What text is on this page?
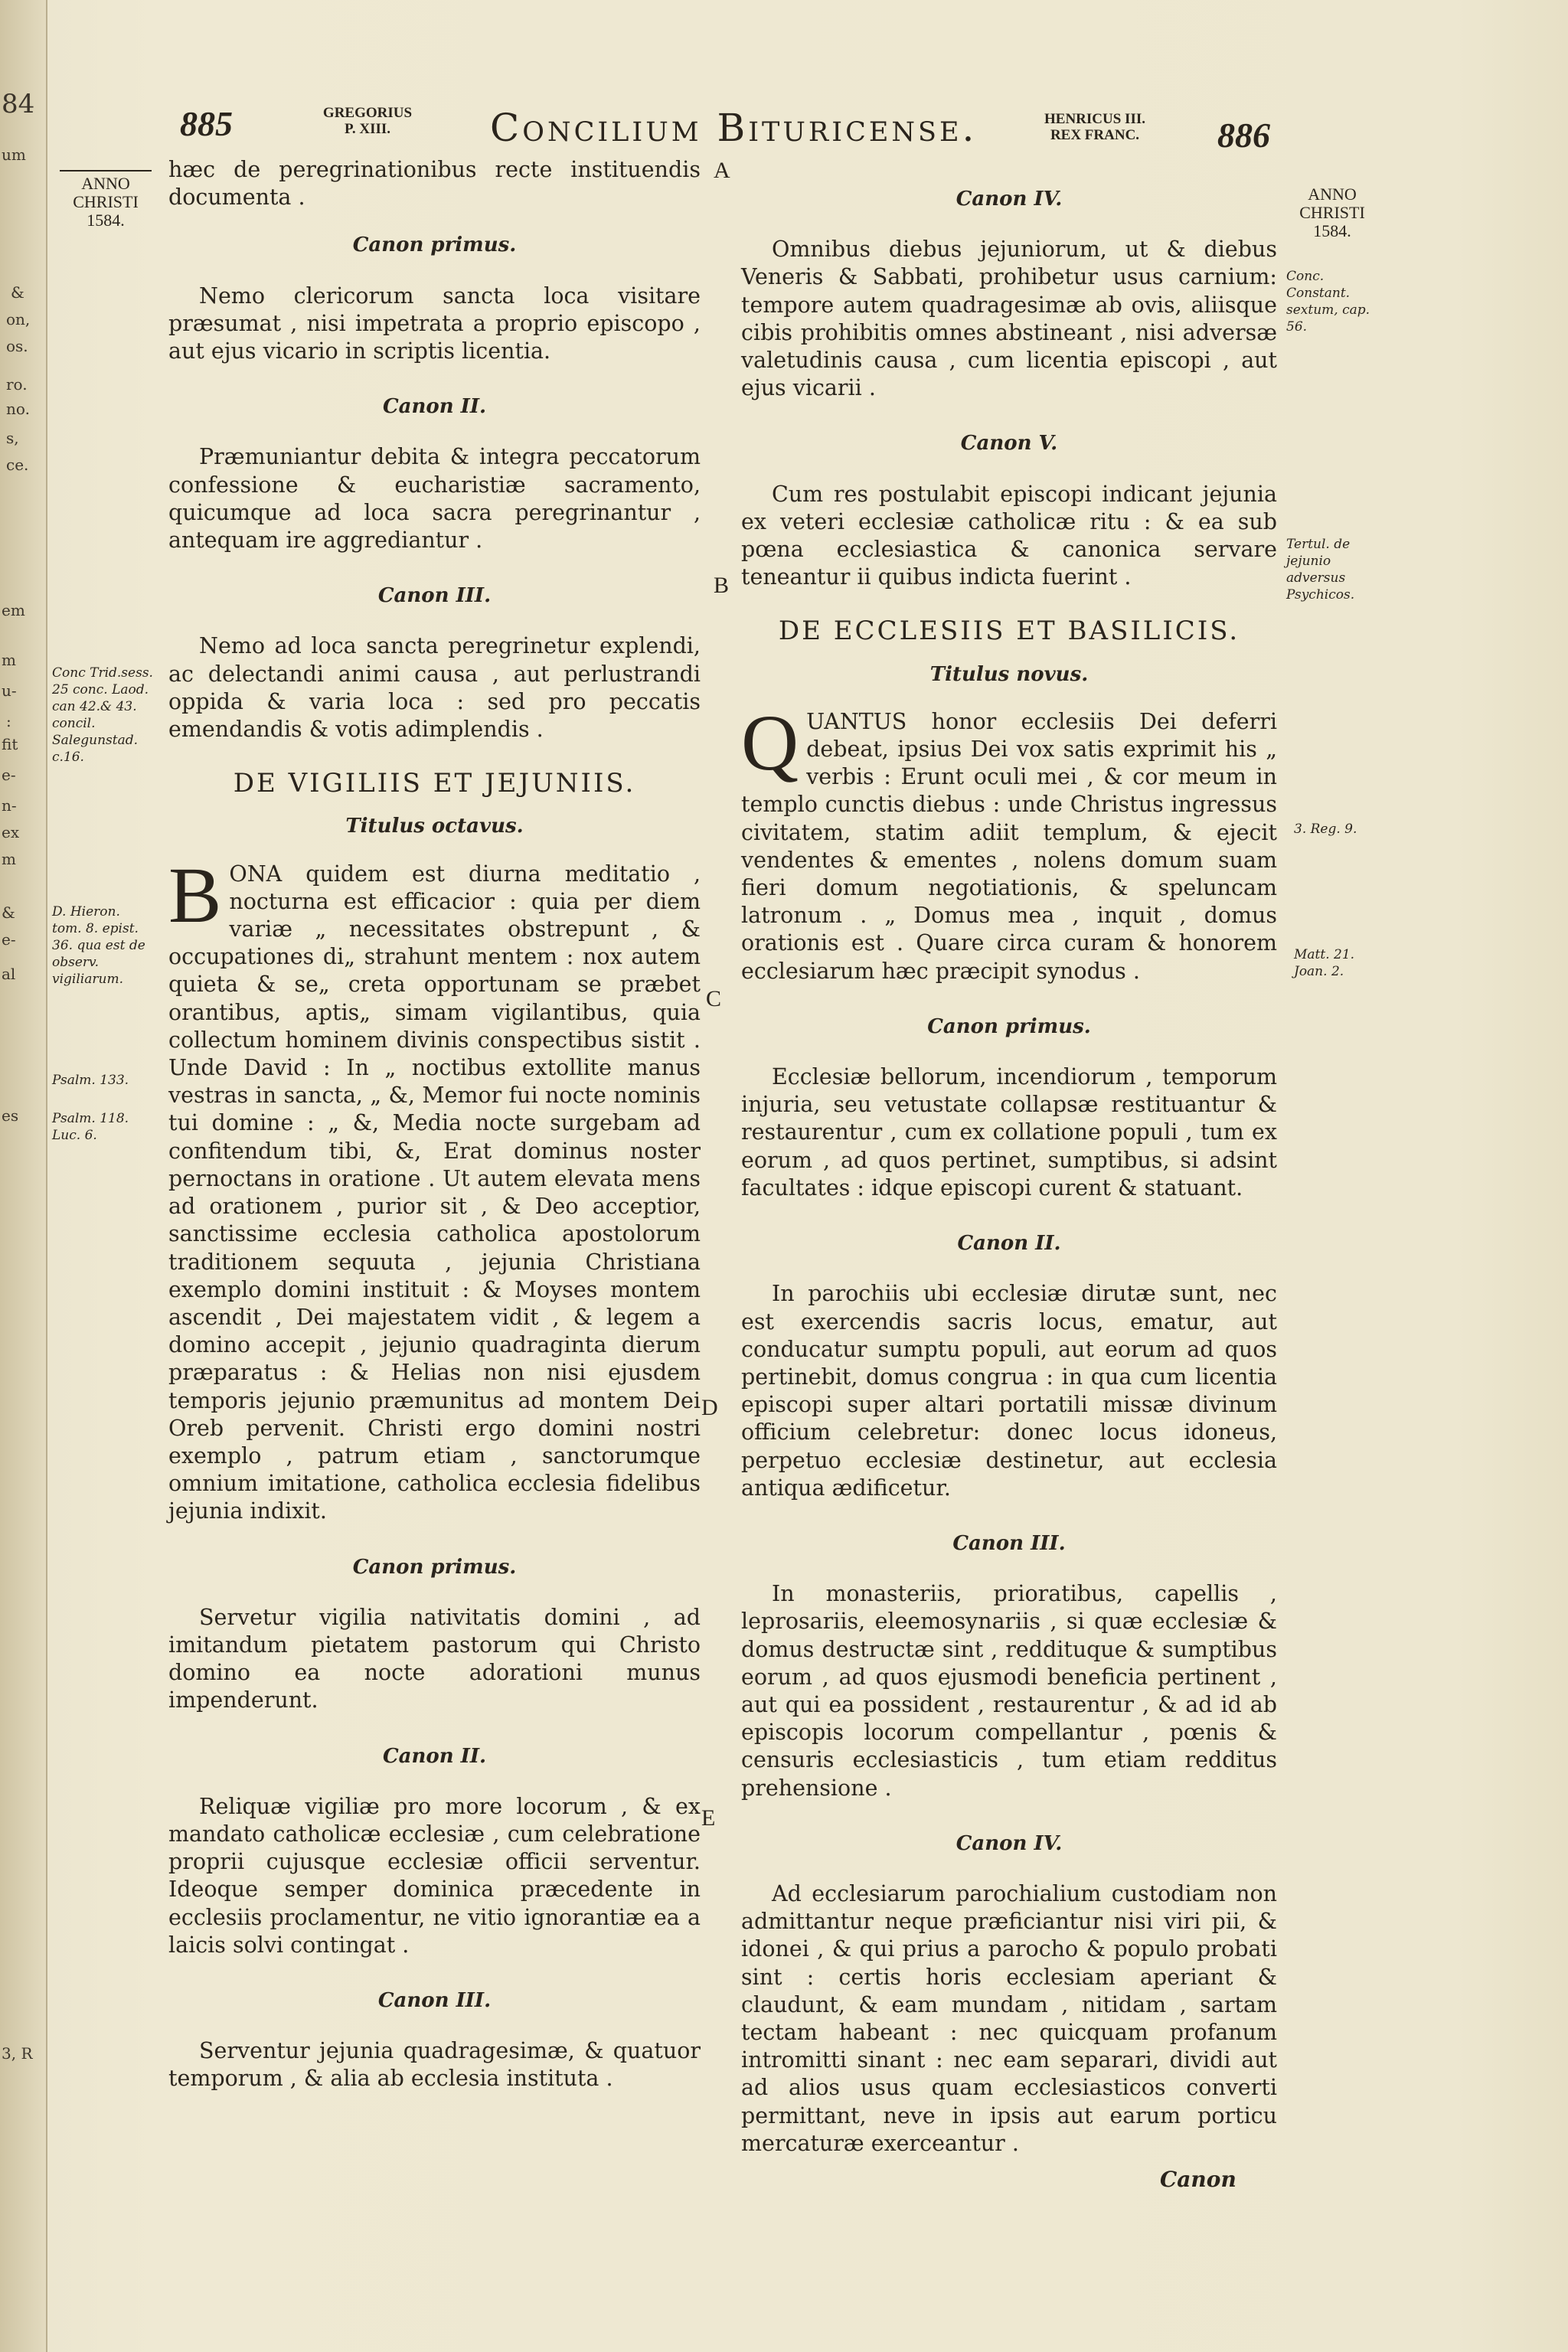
84
um
&
on,
os.
ro.
no.
s,
ce.
em
m
u-
:
fit
e-
n-
ex
m
&
e-
al
es
3, R
885	GREGORIUS
P. XIII.	Concilium Bituricense.	HENRICUS III.
REX FRANC.	886
ANNO
CHRISTI
1584.
ANNO
CHRISTI
1584.
A
B
C
D
E
Conc Trid.sess. 25 conc. Laod. can 42.& 43. concil. Salegunstad. c.16.
D. Hieron. tom. 8. epist. 36. qua est de observ. vigiliarum.
Psalm. 133.
Psalm. 118. Luc. 6.
Conc. Constant. sextum, cap. 56.
Tertul. de jejunio adversus Psychicos.
3. Reg. 9.
Matt. 21. Joan. 2.

hæc de peregrinationibus recte instituendis documenta .

Canon primus.

Nemo clericorum sancta loca visitare præsumat , nisi impetrata a proprio episcopo , aut ejus vicario in scriptis licentia.

Canon II.

Præmuniantur debita & integra peccatorum confessione & eucharistiæ sacramento, quicumque ad loca sacra peregrinantur , antequam ire aggrediantur .

Canon III.

Nemo ad loca sancta peregrinetur explendi, ac delectandi animi causa , aut perlustrandi oppida & varia loca : sed pro peccatis emendandis & votis adimplendis .

DE VIGILIIS ET JEJUNIIS.
Titulus octavus.

BONA quidem est diurna meditatio , nocturna est efficacior : quia per diem variæ „ necessitates obstrepunt , & occupationes di„ strahunt mentem : nox autem quieta & se„ creta opportunam se præbet orantibus, aptis„ simam vigilantibus, quia collectum hominem divinis conspectibus sistit . Unde David : In „ noctibus extollite manus vestras in sancta, „ &, Memor fui nocte nominis tui domine : „ &, Media nocte surgebam ad confitendum tibi, &, Erat dominus noster pernoctans in oratione . Ut autem elevata mens ad orationem , purior sit , & Deo acceptior, sanctissime ecclesia catholica apostolorum traditionem sequuta , jejunia Christiana exemplo domini instituit : & Moyses montem ascendit , Dei majestatem vidit , & legem a domino accepit , jejunio quadraginta dierum præparatus : & Helias non nisi ejusdem temporis jejunio præmunitus ad montem Dei Oreb pervenit. Christi ergo domini nostri exemplo , patrum etiam , sanctorumque omnium imitatione, catholica ecclesia fidelibus jejunia indixit.

Canon primus.

Servetur vigilia nativitatis domini , ad imitandum pietatem pastorum qui Christo domino ea nocte adorationi munus impenderunt.

Canon II.

Reliquæ vigiliæ pro more locorum , & ex mandato catholicæ ecclesiæ , cum celebratione proprii cujusque ecclesiæ officii serventur. Ideoque semper dominica præcedente in ecclesiis proclamentur, ne vitio ignorantiæ ea a laicis solvi contingat .

Canon III.

Serventur jejunia quadragesimæ, & quatuor temporum , & alia ab ecclesia instituta .

Canon IV.

Omnibus diebus jejuniorum, ut & diebus Veneris & Sabbati, prohibetur usus carnium: tempore autem quadragesimæ ab ovis, aliisque cibis prohibitis omnes abstineant , nisi adversæ valetudinis causa , cum licentia episcopi , aut ejus vicarii .

Canon V.

Cum res postulabit episcopi indicant jejunia ex veteri ecclesiæ catholicæ ritu : & ea sub pœna ecclesiastica & canonica servare teneantur ii quibus indicta fuerint .

DE ECCLESIIS ET BASILICIS.
Titulus novus.

QUANTUS honor ecclesiis Dei deferri debeat, ipsius Dei vox satis exprimit his „ verbis : Erunt oculi mei , & cor meum in templo cunctis diebus : unde Christus ingressus civitatem, statim adiit templum, & ejecit vendentes & ementes , nolens domum suam fieri domum negotiationis, & speluncam latronum . „ Domus mea , inquit , domus orationis est . Quare circa curam & honorem ecclesiarum hæc præcipit synodus .

Canon primus.

Ecclesiæ bellorum, incendiorum , temporum injuria, seu vetustate collapsæ restituantur & restaurentur , cum ex collatione populi , tum ex eorum , ad quos pertinet, sumptibus, si adsint facultates : idque episcopi curent & statuant.

Canon II.

In parochiis ubi ecclesiæ dirutæ sunt, nec est exercendis sacris locus, ematur, aut conducatur sumptu populi, aut eorum ad quos pertinebit, domus congrua : in qua cum licentia episcopi super altari portatili missæ divinum officium celebretur: donec locus idoneus, perpetuo ecclesiæ destinetur, aut ecclesia antiqua ædificetur.

Canon III.

In monasteriis, prioratibus, capellis , leprosariis, eleemosynariis , si quæ ecclesiæ & domus destructæ sint , reddituque & sumptibus eorum , ad quos ejusmodi beneficia pertinent , aut qui ea possident , restaurentur , & ad id ab episcopis locorum compellantur , pœnis & censuris ecclesiasticis , tum etiam redditus prehensione .

Canon IV.

Ad ecclesiarum parochialium custodiam non admittantur neque præficiantur nisi viri pii, & idonei , & qui prius a parocho & populo probati sint : certis horis ecclesiam aperiant & claudunt, & eam mundam , nitidam , sartam tectam habeant : nec quicquam profanum intromitti sinant : nec eam separari, dividi aut ad alios usus quam ecclesiasticos converti permittant, neve in ipsis aut earum porticu mercaturæ exerceantur .

Canon
